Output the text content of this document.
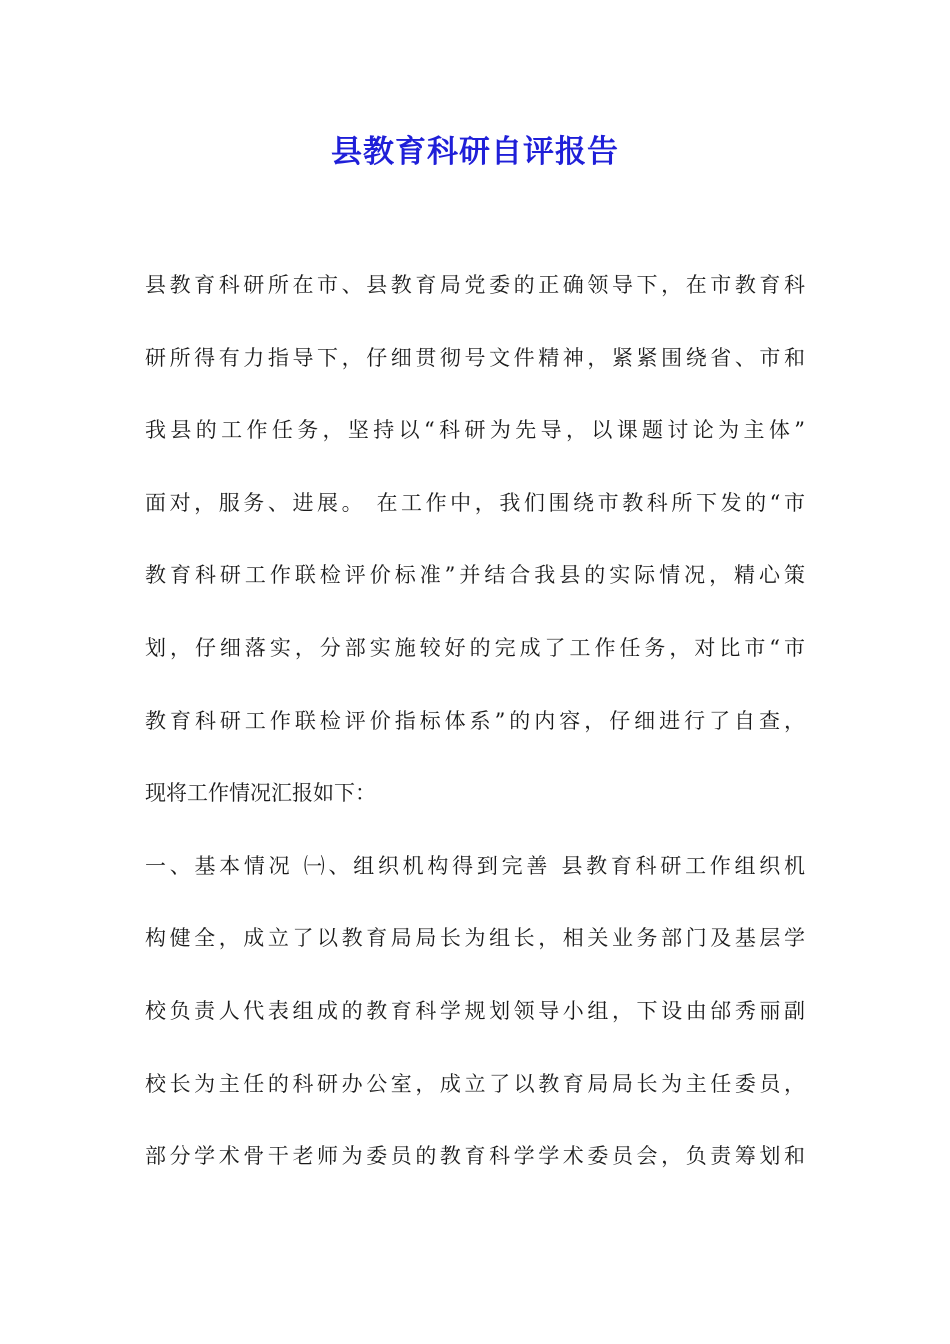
县教育科研自评报告
县教育科研所在市、县教育局党委的正确领导下，在市教育科
研所得有力指导下，仔细贯彻号文件精神，紧紧围绕省、市和
我县的工作任务，坚持以“科研为先导，以课题讨论为主体”
面对，服务、进展。 在工作中，我们围绕市教科所下发的“市
教育科研工作联检评价标准”并结合我县的实际情况，精心策
划，仔细落实，分部实施较好的完成了工作任务，对比市“市
教育科研工作联检评价指标体系”的内容，仔细进行了自查，
现将工作情况汇报如下：
一、基本情况 ㈠、组织机构得到完善 县教育科研工作组织机
构健全，成立了以教育局局长为组长，相关业务部门及基层学
校负责人代表组成的教育科学规划领导小组，下设由邰秀丽副
校长为主任的科研办公室，成立了以教育局局长为主任委员，
部分学术骨干老师为委员的教育科学学术委员会，负责筹划和
